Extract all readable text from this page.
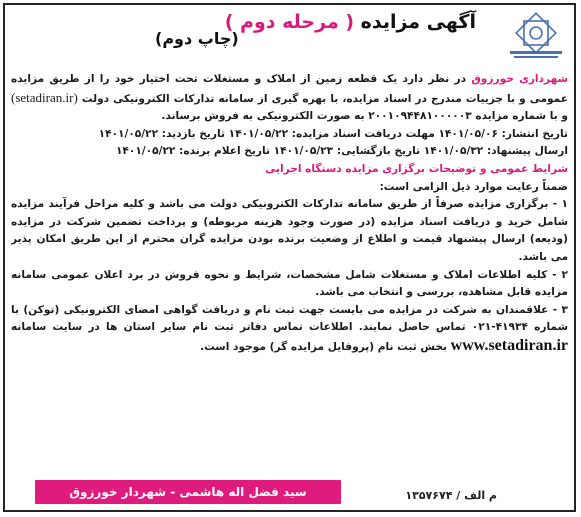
آگهی مزایده ( مرحله دوم )
(چاپ دوم)

شهرداری خورزوق در نظر دارد یک قطعه زمین از املاک و مستغلات تحت اختیار خود را از طریق مزایده عمومی و با جزییات مندرج در اسناد مزایده، با بهره گیری از سامانه تدارکات الکترونیکی دولت (setadiran.ir) و با شماره مزایده ۲۰۰۱۰۹۴۴۸۱۰۰۰۰۰۳ به صورت الکترونیکی به فروش برساند.

تاریخ انتشار: ۱۴۰۱/۰۵/۰۶ مهلت دریافت اسناد مزایده: ۱۴۰۱/۰۵/۲۲ تاریخ بازدید: ۱۴۰۱/۰۵/۲۲

ارسال پیشنهاد: ۱۴۰۱/۰۵/۳۲ تاریخ بازگشایی: ۱۴۰۱/۰۵/۲۳ تاریخ اعلام برنده: ۱۴۰۱/۰۵/۲۲

شرایط عمومی و توضیحات برگزاری مزایده دستگاه اجرایی

ضمناً رعایت موارد ذیل الزامی است:

۱ - برگزاری مزایده صرفاً از طریق سامانه تدارکات الکترونیکی دولت می باشد و کلیه مراحل فرآیند مزایده شامل خرید و دریافت اسناد مزایده (در صورت وجود هزینه مربوطه) و پرداخت تضمین شرکت در مزایده (ودیعه) ارسال پیشنهاد قیمت و اطلاع از وضعیت برنده بودن مزایده گران محترم از این طریق امکان پذیر می باشد.

۲ - کلیه اطلاعات املاک و مستغلات شامل مشخصات، شرایط و نحوه فروش در برد اعلان عمومی سامانه مزایده قابل مشاهده، بررسی و انتخاب می باشد.

۳ - علاقمندان به شرکت در مزایده می بایست جهت ثبت نام و دریافت گواهی امضای الکترونیکی (توکن) با شماره ۴۱۹۳۴-۰۲۱ تماس حاصل نمایند. اطلاعات تماس دفاتر ثبت نام سایر استان ها در سایت سامانه www.setadiran.ir بخش ثبت نام (پروفایل مزایده گر) موجود است.

سید فضل اله هاشمی - شهردار خورزوق	م الف / ۱۳۵۷۶۷۴
